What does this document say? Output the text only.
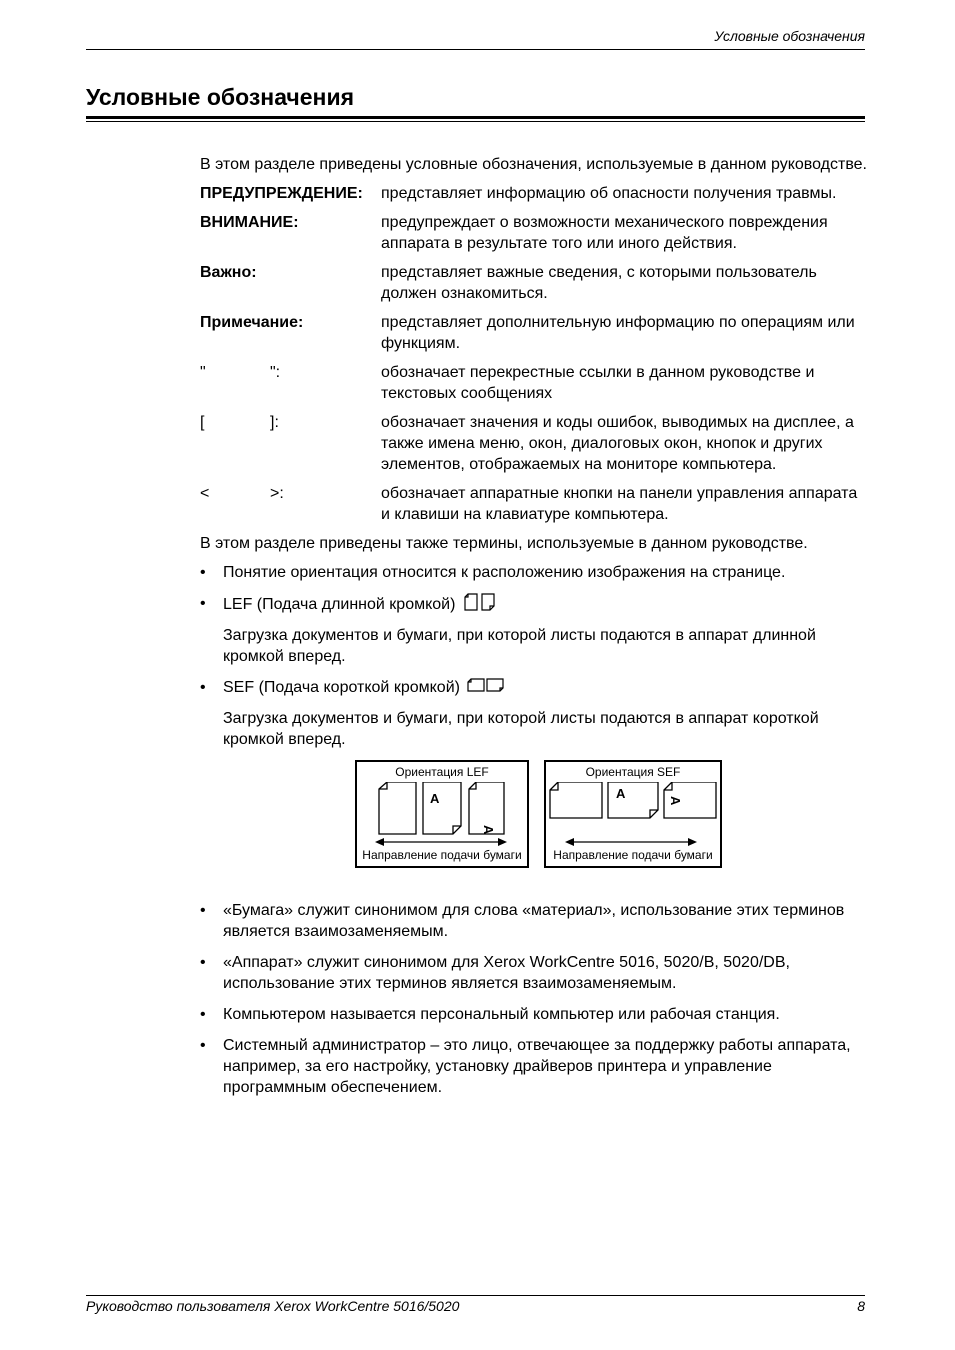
Условные обозначения
Условные обозначения

В этом разделе приведены условные обозначения, используемые в данном руководстве.

ПРЕДУПРЕЖДЕНИЕ:	представляет информацию об опасности получения травмы.
ВНИМАНИЕ:	предупреждает о возможности механического повреждения аппарата в результате того или иного действия.
Важно:	представляет важные сведения, с которыми пользователь должен ознакомиться.
Примечание:	представляет дополнительную информацию по операциям или функциям.
"	":	обозначает перекрестные ссылки в данном руководстве и текстовых сообщениях
[	]:	обозначает значения и коды ошибок, выводимых на дисплее, а также имена меню, окон, диалоговых окон, кнопок и других элементов, отображаемых на мониторе компьютера.
<	>:	обозначает аппаратные кнопки на панели управления аппарата и клавиши на клавиатуре компьютера.

В этом разделе приведены также термины, используемые в данном руководстве.

• Понятие ориентация относится к расположению изображения на странице.
• LEF (Подача длинной кромкой)

Загрузка документов и бумаги, при которой листы подаются в аппарат длинной кромкой вперед.

• SEF (Подача короткой кромкой)

Загрузка документов и бумаги, при которой листы подаются в аппарат короткой кромкой вперед.

Ориентация LEF
A
A
Направление подачи бумаги
Ориентация SEF
A	A
Направление подачи бумаги
• «Бумага» служит синонимом для слова «материал», использование этих терминов является взаимозаменяемым.
• «Аппарат» служит синонимом для Xerox WorkCentre 5016, 5020/B, 5020/DB, использование этих терминов является взаимозаменяемым.
• Компьютером называется персональный компьютер или рабочая станция.
• Системный администратор – это лицо, отвечающее за поддержку работы аппарата, например, за его настройку, установку драйверов принтера и управление программным обеспечением.
Руководство пользователя Xerox WorkCentre 5016/5020	8
